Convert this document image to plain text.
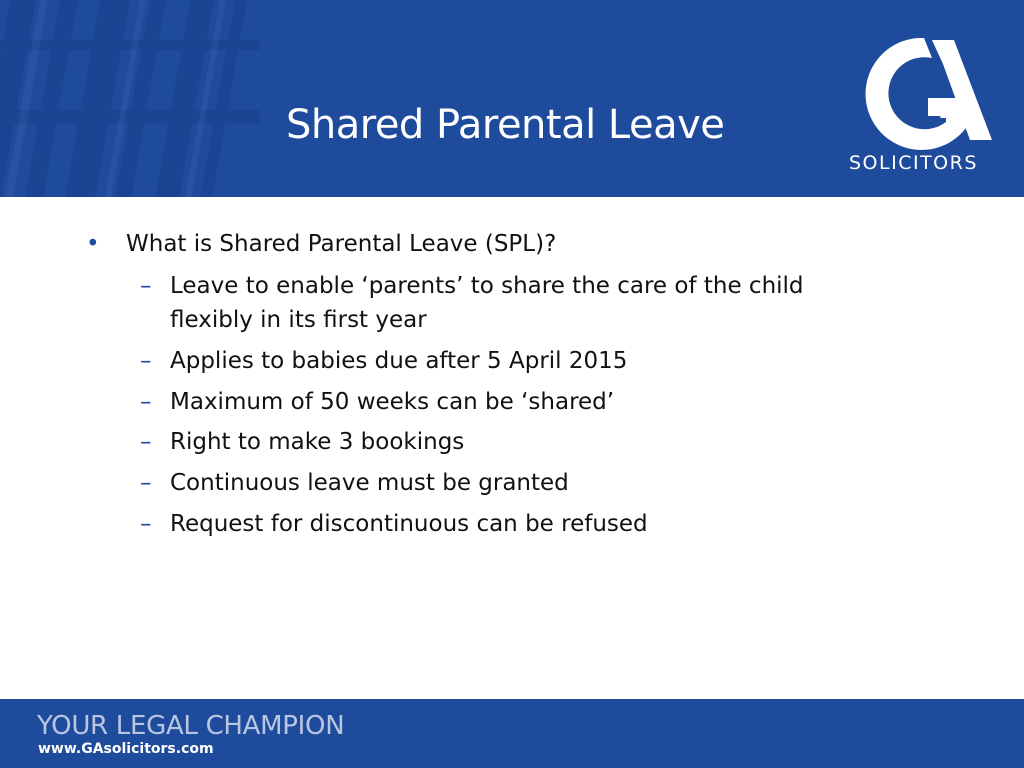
Shared Parental Leave
SOLICITORS
• What is Shared Parental Leave (SPL)?
– Leave to enable ‘parents’ to share the care of the child
flexibly in its first year
– Applies to babies due after 5 April 2015
– Maximum of 50 weeks can be ‘shared’
– Right to make 3 bookings
– Continuous leave must be granted
– Request for discontinuous can be refused
YOUR LEGAL CHAMPION
www.GAsolicitors.com
